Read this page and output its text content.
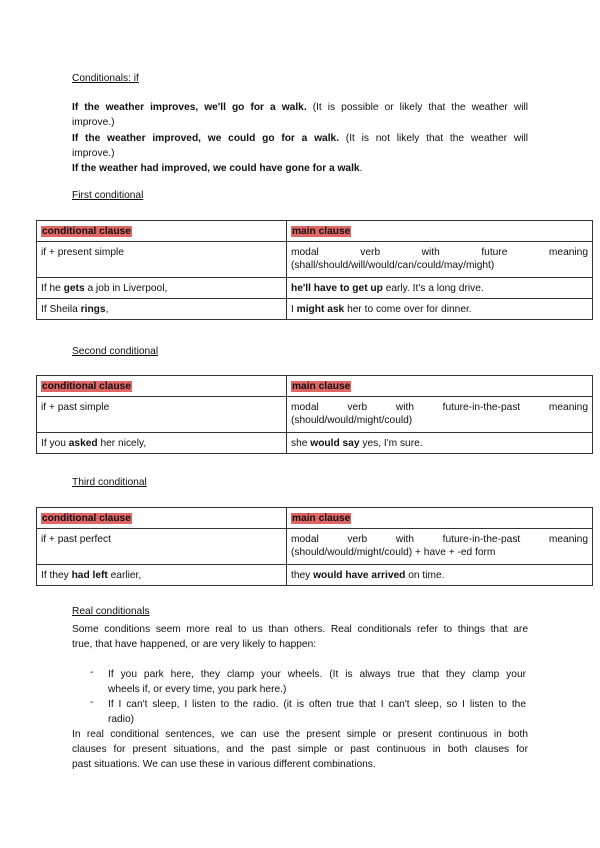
Conditionals: if
If the weather improves, we'll go for a walk. (It is possible or likely that the weather will
improve.)
If the weather improved, we could go for a walk. (It is not likely that the weather will
improve.)
If the weather had improved, we could have gone for a walk.
First conditional
conditional clause	main clause
if + present simple	modal verb with future meaning
(shall/should/will/would/can/could/may/might)

If he gets a job in Liverpool,	he'll have to get up early. It's a long drive.
If Sheila rings,	I might ask her to come over for dinner.
Second conditional
conditional clause	main clause
if + past simple	modal verb with future-in-the-past meaning
(should/would/might/could)

If you asked her nicely,	she would say yes, I'm sure.
Third conditional
conditional clause	main clause
if + past perfect	modal verb with future-in-the-past meaning
(should/would/might/could) + have + -ed form

If they had left earlier,	they would have arrived on time.
Real conditionals
Some conditions seem more real to us than others. Real conditionals refer to things that are
true, that have happened, or are very likely to happen:
- If you park here, they clamp your wheels. (It is always true that they clamp your
wheels if, or every time, you park here.)
- If I can't sleep, I listen to the radio. (it is often true that I can't sleep, so I listen to the
radio)
In real conditional sentences, we can use the present simple or present continuous in both
clauses for present situations, and the past simple or past continuous in both clauses for
past situations. We can use these in various different combinations.
